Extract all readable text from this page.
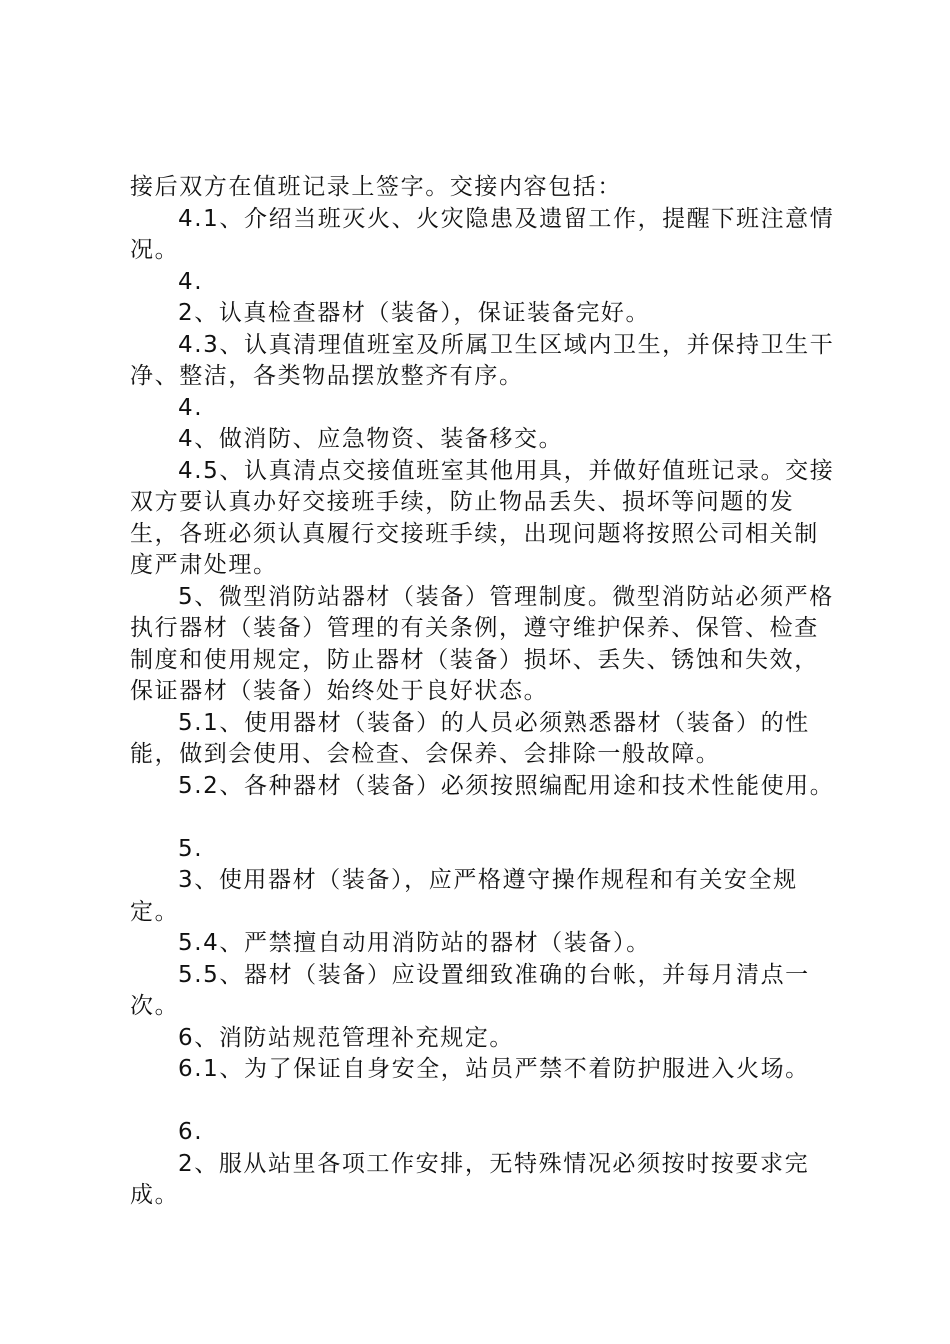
接后双方在值班记录上签字。交接内容包括：

4.1、介绍当班灭火、火灾隐患及遗留工作，提醒下班注意情况。

4.

2、认真检查器材（装备），保证装备完好。

4.3、认真清理值班室及所属卫生区域内卫生，并保持卫生干净、整洁，各类物品摆放整齐有序。

4.

4、做消防、应急物资、装备移交。

4.5、认真清点交接值班室其他用具，并做好值班记录。交接双方要认真办好交接班手续，防止物品丢失、损坏等问题的发生，各班必须认真履行交接班手续，出现问题将按照公司相关制度严肃处理。

5、微型消防站器材（装备）管理制度。微型消防站必须严格执行器材（装备）管理的有关条例，遵守维护保养、保管、检查制度和使用规定，防止器材（装备）损坏、丢失、锈蚀和失效，保证器材（装备）始终处于良好状态。

5.1、使用器材（装备）的人员必须熟悉器材（装备）的性能，做到会使用、会检查、会保养、会排除一般故障。

5.2、各种器材（装备）必须按照编配用途和技术性能使用。

5.

3、使用器材（装备），应严格遵守操作规程和有关安全规定。

5.4、严禁擅自动用消防站的器材（装备）。

5.5、器材（装备）应设置细致准确的台帐，并每月清点一次。

6、消防站规范管理补充规定。

6.1、为了保证自身安全，站员严禁不着防护服进入火场。

6.

2、服从站里各项工作安排，无特殊情况必须按时按要求完成。
